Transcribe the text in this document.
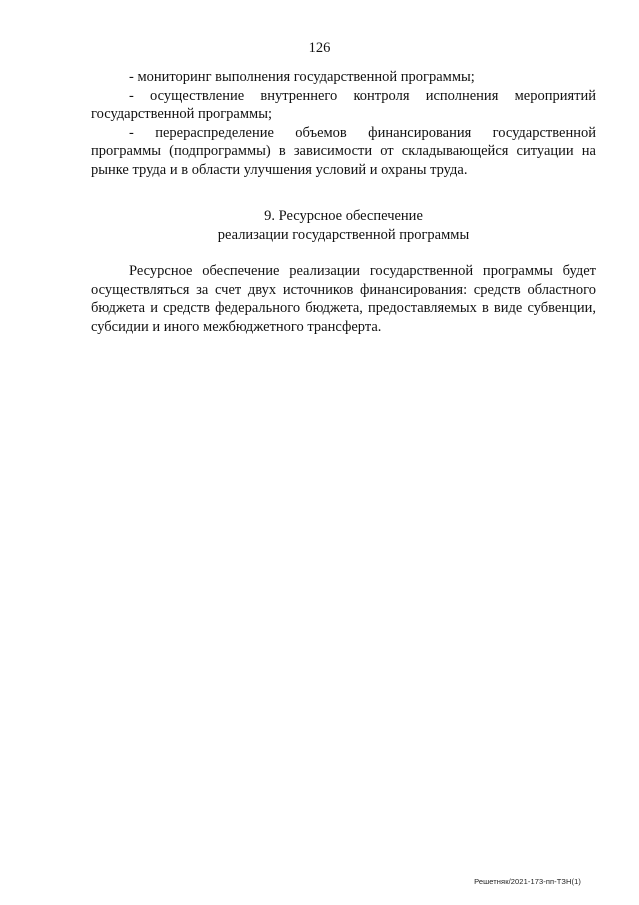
126

- мониторинг выполнения государственной программы;

- осуществление внутреннего контроля исполнения мероприятий государственной программы;

- перераспределение объемов финансирования государственной программы (подпрограммы) в зависимости от складывающейся ситуации на рынке труда и в области улучшения условий и охраны труда.

9. Ресурсное обеспечение
реализации государственной программы

Ресурсное обеспечение реализации государственной программы будет осуществляться за счет двух источников финансирования: средств областного бюджета и средств федерального бюджета, предоставляемых в виде субвенции, субсидии и иного межбюджетного трансферта.

Решетняк/2021-173-пп-ТЗН(1)
